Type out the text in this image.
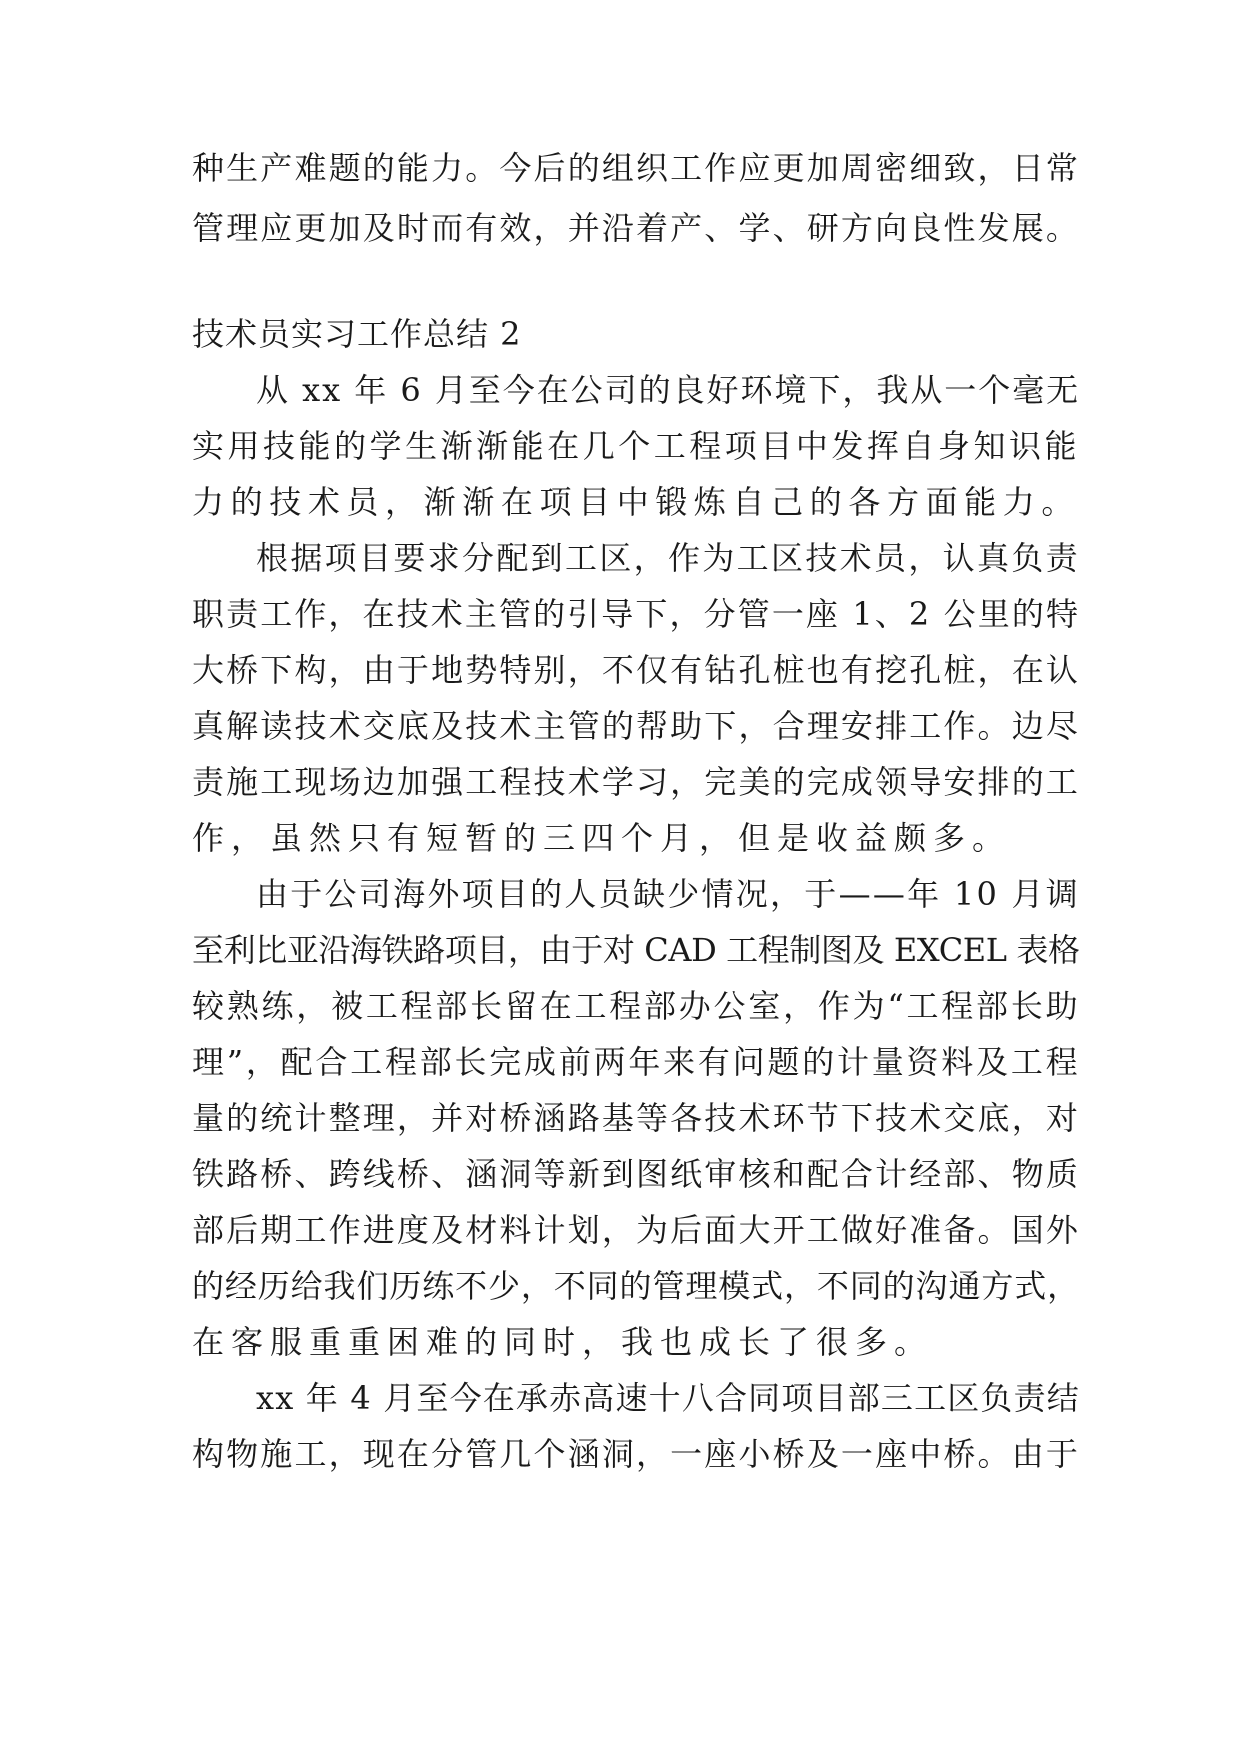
种生产难题的能力。今后的组织工作应更加周密细致，日常
管理应更加及时而有效，并沿着产、学、研方向良性发展。
技术员实习工作总结 2
从 xx 年 6 月至今在公司的良好环境下，我从一个毫无
实用技能的学生渐渐能在几个工程项目中发挥自身知识能
力的技术员，渐渐在项目中锻炼自己的各方面能力。
根据项目要求分配到工区，作为工区技术员，认真负责
职责工作，在技术主管的引导下，分管一座 1、2 公里的特
大桥下构，由于地势特别，不仅有钻孔桩也有挖孔桩，在认
真解读技术交底及技术主管的帮助下，合理安排工作。边尽
责施工现场边加强工程技术学习，完美的完成领导安排的工
作，虽然只有短暂的三四个月，但是收益颇多。
由于公司海外项目的人员缺少情况，于——年 10 月调
至利比亚沿海铁路项目，由于对 CAD 工程制图及 EXCEL 表格
较熟练，被工程部长留在工程部办公室，作为“工程部长助
理”，配合工程部长完成前两年来有问题的计量资料及工程
量的统计整理，并对桥涵路基等各技术环节下技术交底，对
铁路桥、跨线桥、涵洞等新到图纸审核和配合计经部、物质
部后期工作进度及材料计划，为后面大开工做好准备。国外
的经历给我们历练不少，不同的管理模式，不同的沟通方式，
在客服重重困难的同时，我也成长了很多。
xx 年 4 月至今在承赤高速十八合同项目部三工区负责结
构物施工，现在分管几个涵洞，一座小桥及一座中桥。由于
